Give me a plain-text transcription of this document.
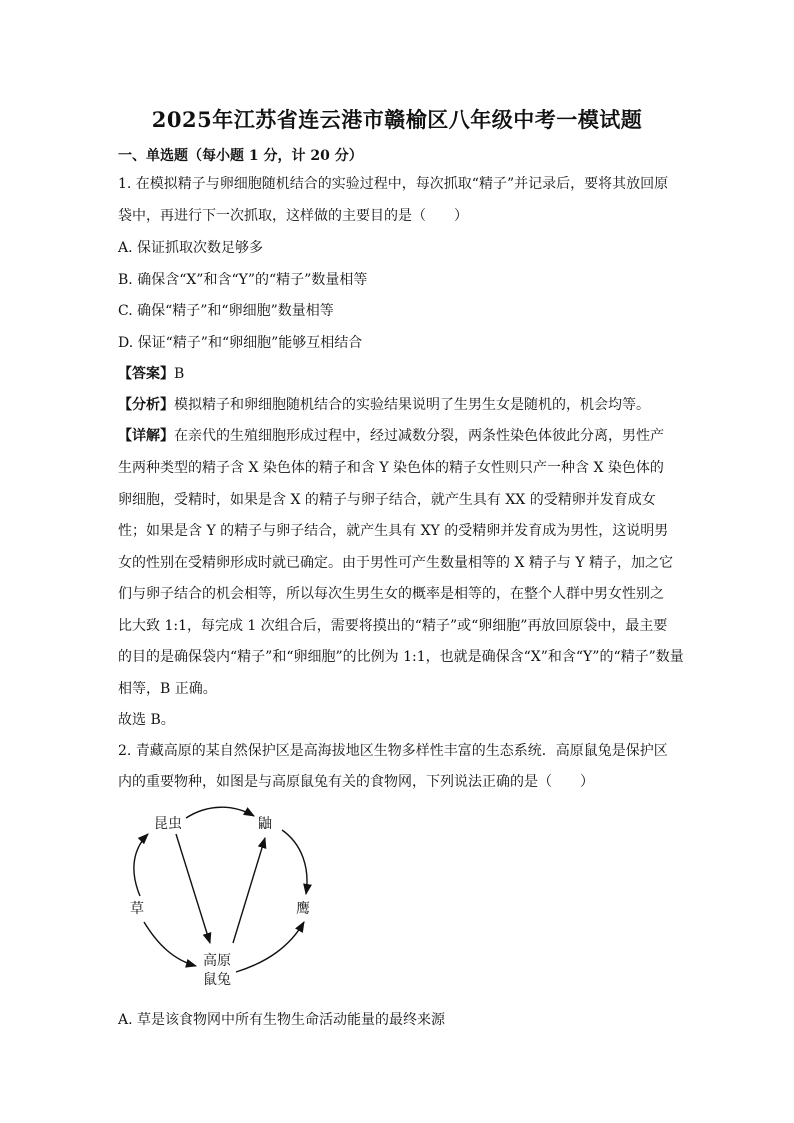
2025年江苏省连云港市赣榆区八年级中考一模试题
一、单选题（每小题 1 分，计 20 分）
1. 在模拟精子与卵细胞随机结合的实验过程中，每次抓取“精子”并记录后，要将其放回原
袋中，再进行下一次抓取，这样做的主要目的是（　　）
A. 保证抓取次数足够多
B. 确保含“X”和含“Y”的“精子”数量相等
C. 确保“精子”和“卵细胞”数量相等
D. 保证“精子”和“卵细胞”能够互相结合
【答案】B
【分析】模拟精子和卵细胞随机结合的实验结果说明了生男生女是随机的，机会均等。
【详解】在亲代的生殖细胞形成过程中，经过减数分裂，两条性染色体彼此分离，男性产
生两种类型的精子含 X 染色体的精子和含 Y 染色体的精子女性则只产一种含 X 染色体的
卵细胞，受精时，如果是含 X 的精子与卵子结合，就产生具有 XX 的受精卵并发育成女
性；如果是含 Y 的精子与卵子结合，就产生具有 XY 的受精卵并发育成为男性，这说明男
女的性别在受精卵形成时就已确定。由于男性可产生数量相等的 X 精子与 Y 精子，加之它
们与卵子结合的机会相等，所以每次生男生女的概率是相等的，在整个人群中男女性别之
比大致 1:1，每完成 1 次组合后，需要将摸出的“精子”或“卵细胞”再放回原袋中，最主要
的目的是确保袋内“精子”和“卵细胞”的比例为 1:1，也就是确保含“X”和含“Y”的“精子”数量
相等，B 正确。
故选 B。
2. 青藏高原的某自然保护区是高海拔地区生物多样性丰富的生态系统．高原鼠兔是保护区
内的重要物种，如图是与高原鼠兔有关的食物网，下列说法正确的是（　　）
昆虫	鼬
草	鹰
高原
鼠兔
A. 草是该食物网中所有生物生命活动能量的最终来源
